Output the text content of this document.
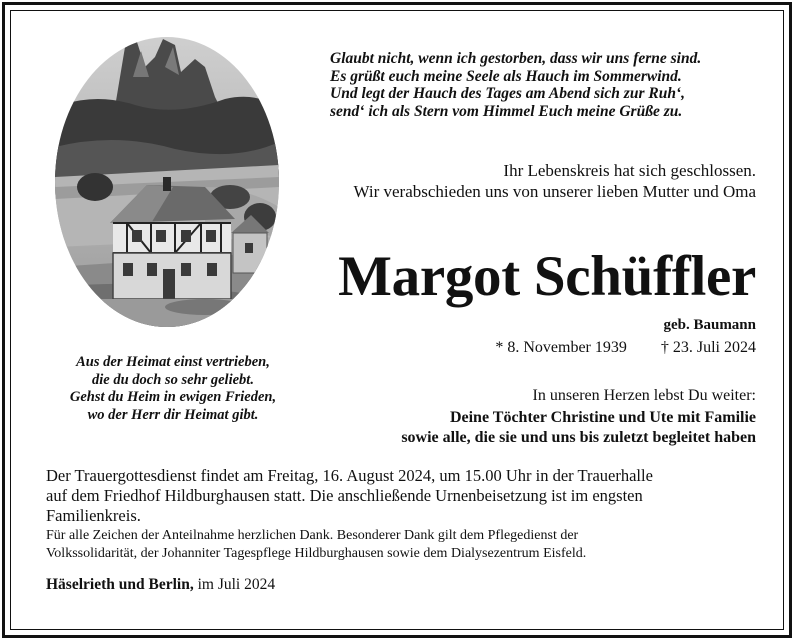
Glaubt nicht, wenn ich gestorben, dass wir uns ferne sind.
Es grüßt euch meine Seele als Hauch im Sommerwind.
Und legt der Hauch des Tages am Abend sich zur Ruh‘,
send‘ ich als Stern vom Himmel Euch meine Grüße zu.
Ihr Lebenskreis hat sich geschlossen.
Wir verabschieden uns von unserer lieben Mutter und Oma
Margot Schüffler
geb. Baumann
* 8. November 1939 † 23. Juli 2024
In unseren Herzen lebst Du weiter:
Deine Töchter Christine und Ute mit Familie
sowie alle, die sie und uns bis zuletzt begleitet haben
Aus der Heimat einst vertrieben,
die du doch so sehr geliebt.
Gehst du Heim in ewigen Frieden,
wo der Herr dir Heimat gibt.
Der Trauergottesdienst findet am Freitag, 16. August 2024, um 15.00 Uhr in der Trauerhalle
auf dem Friedhof Hildburghausen statt. Die anschließende Urnenbeisetzung ist im engsten
Familienkreis.
Für alle Zeichen der Anteilnahme herzlichen Dank. Besonderer Dank gilt dem Pflegedienst der
Volkssolidarität, der Johanniter Tagespflege Hildburghausen sowie dem Dialysezentrum Eisfeld.
Häselrieth und Berlin, im Juli 2024
